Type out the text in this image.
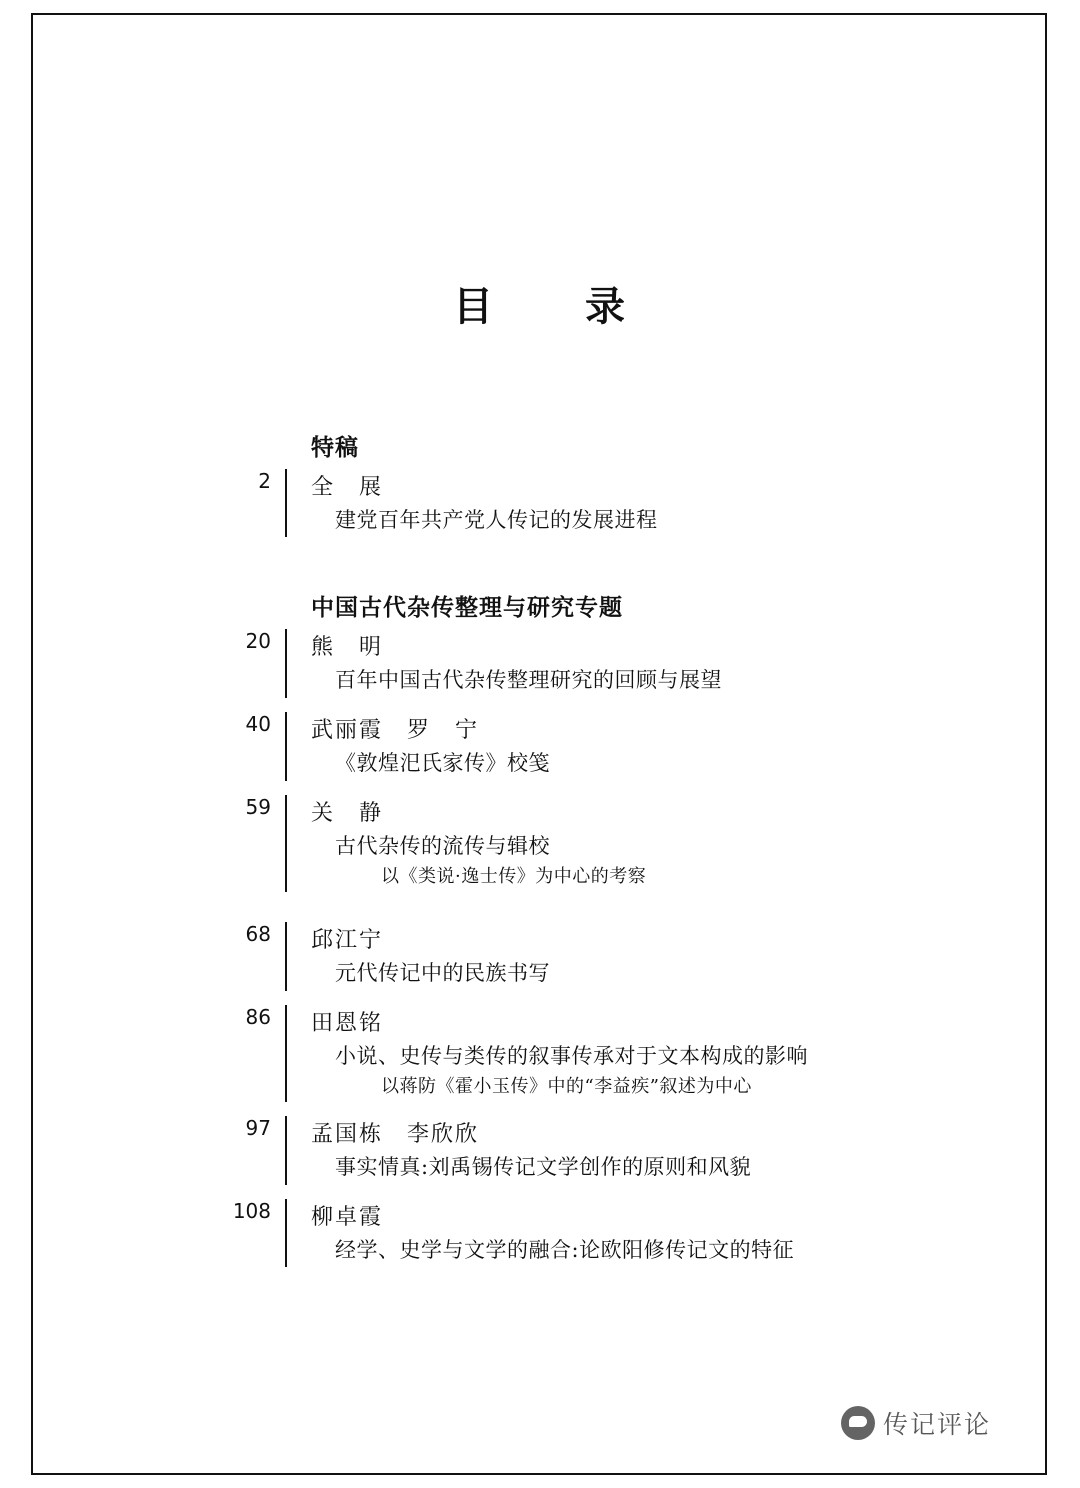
目　录
特稿
2	全　展
建党百年共产党人传记的发展进程
中国古代杂传整理与研究专题
20	熊　明
百年中国古代杂传整理研究的回顾与展望
40	武丽霞　罗　宁
《敦煌汜氏家传》校笺
59	关　静
古代杂传的流传与辑校
以《类说·逸士传》为中心的考察
68	邱江宁
元代传记中的民族书写
86	田恩铭
小说、史传与类传的叙事传承对于文本构成的影响
以蒋防《霍小玉传》中的“李益疾”叙述为中心
97	孟国栋　李欣欣
事实情真:刘禹锡传记文学创作的原则和风貌
108	柳卓霞
经学、史学与文学的融合:论欧阳修传记文的特征
传记评论
